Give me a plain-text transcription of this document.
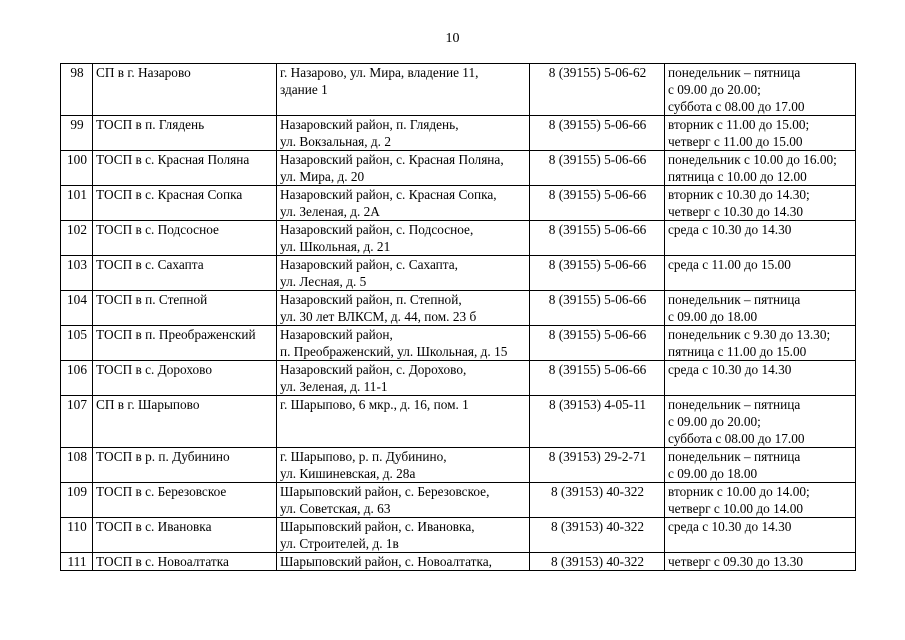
10
98	СП в г. Назарово	г. Назарово, ул. Мира, владение 11,
здание 1	8 (39155) 5-06-62	понедельник – пятница
с 09.00 до 20.00;
суббота с 08.00 до 17.00

99	ТОСП в п. Глядень	Назаровский район, п. Глядень,
ул. Вокзальная, д. 2	8 (39155) 5-06-66	вторник с 11.00 до 15.00;
четверг с 11.00 до 15.00

100	ТОСП в с. Красная Поляна	Назаровский район, с. Красная Поляна,
ул. Мира, д. 20	8 (39155) 5-06-66	понедельник с 10.00 до 16.00;
пятница с 10.00 до 12.00

101	ТОСП в с. Красная Сопка	Назаровский район, с. Красная Сопка,
ул. Зеленая, д. 2А	8 (39155) 5-06-66	вторник с 10.30 до 14.30;
четверг с 10.30 до 14.30

102	ТОСП в с. Подсосное	Назаровский район, с. Подсосное,
ул. Школьная, д. 21	8 (39155) 5-06-66	среда с 10.30 до 14.30

103	ТОСП в с. Сахапта	Назаровский район, с. Сахапта,
ул. Лесная, д. 5	8 (39155) 5-06-66	среда с 11.00 до 15.00

104	ТОСП в п. Степной	Назаровский район, п. Степной,
ул. 30 лет ВЛКСМ, д. 44, пом. 23 б	8 (39155) 5-06-66	понедельник – пятница
с 09.00 до 18.00

105	ТОСП в п. Преображенский	Назаровский район,
п. Преображенский, ул. Школьная, д. 15	8 (39155) 5-06-66	понедельник с 9.30 до 13.30;
пятница с 11.00 до 15.00

106	ТОСП в с. Дорохово	Назаровский район, с. Дорохово,
ул. Зеленая, д. 11-1	8 (39155) 5-06-66	среда с 10.30 до 14.30

107	СП в г. Шарыпово	г. Шарыпово, 6 мкр., д. 16, пом. 1	8 (39153) 4-05-11	понедельник – пятница
с 09.00 до 20.00;
суббота с 08.00 до 17.00

108	ТОСП в р. п. Дубинино	г. Шарыпово, р. п. Дубинино,
ул. Кишиневская, д. 28а	8 (39153) 29-2-71	понедельник – пятница
с 09.00 до 18.00

109	ТОСП в с. Березовское	Шарыповский район, с. Березовское,
ул. Советская, д. 63	8 (39153) 40-322	вторник с 10.00 до 14.00;
четверг с 10.00 до 14.00

110	ТОСП в с. Ивановка	Шарыповский район, с. Ивановка,
ул. Строителей, д. 1в	8 (39153) 40-322	среда с 10.30 до 14.30

111	ТОСП в с. Новоалтатка	Шарыповский район, с. Новоалтатка,	8 (39153) 40-322	четверг с 09.30 до 13.30
